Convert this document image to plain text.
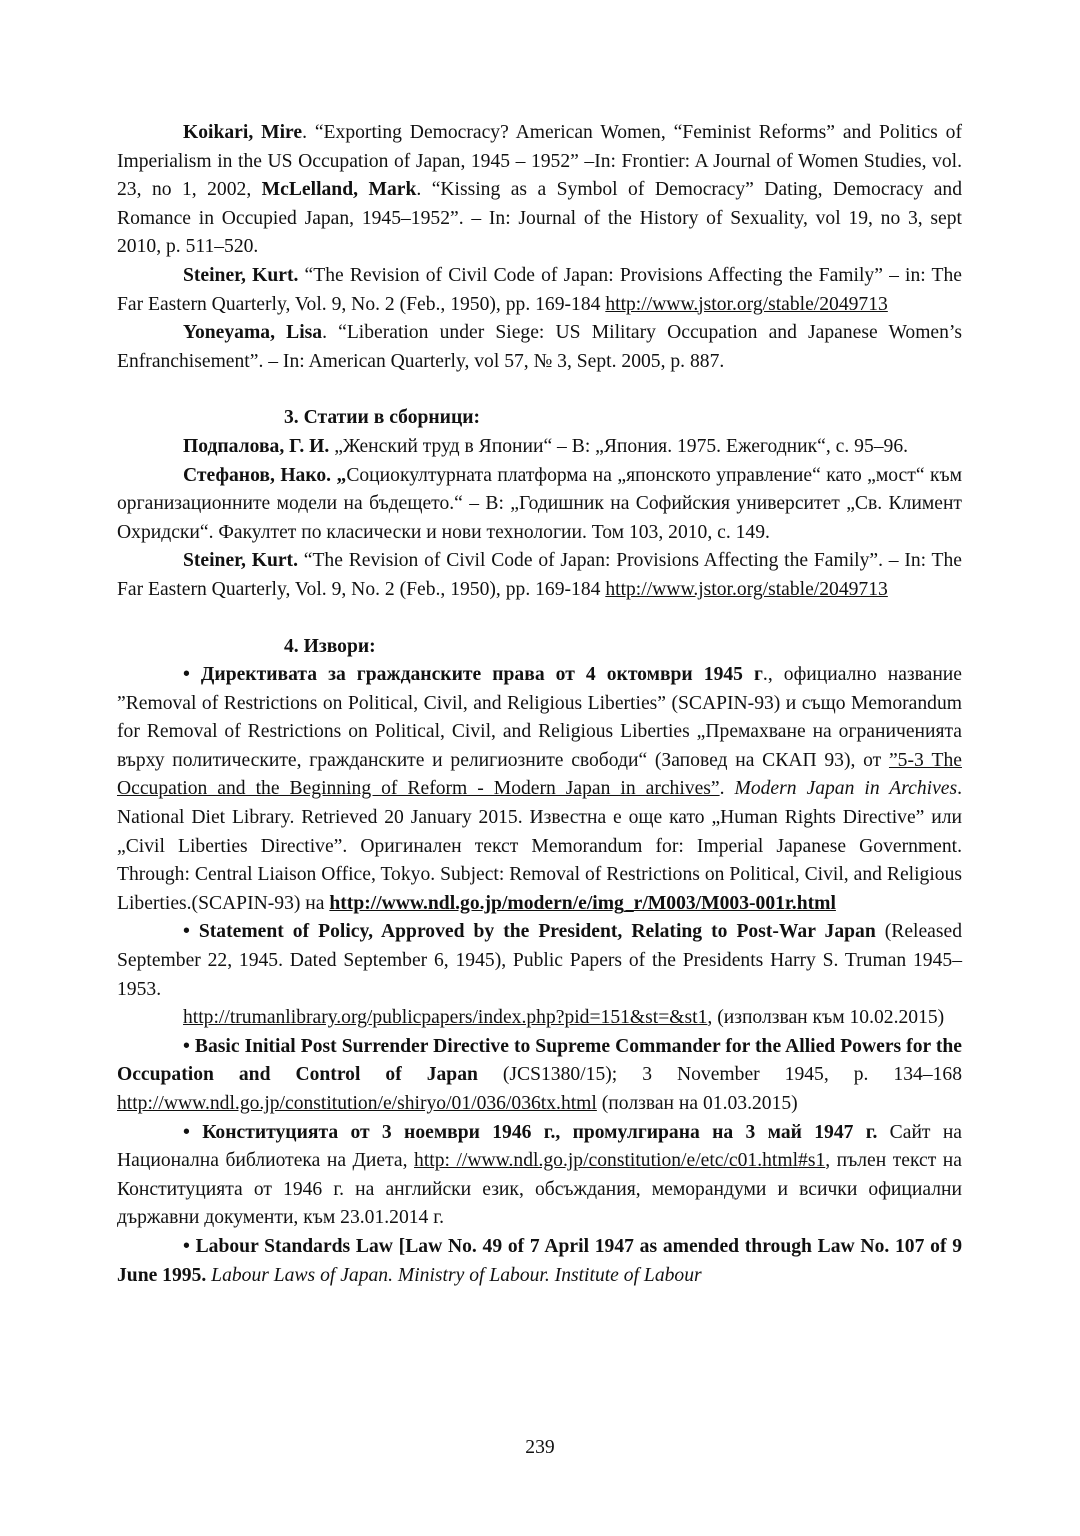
Koikari, Mire. “Exporting Democracy? American Women, “Feminist Reforms” and Politics of Imperialism in the US Occupation of Japan, 1945 – 1952” –In: Frontier: A Journal of Women Studies, vol. 23, no 1, 2002, McLelland, Mark. “Kissing as a Symbol of Democracy” Dating, Democracy and Romance in Occupied Japan, 1945–1952”. – In: Journal of the History of Sexuality, vol 19, no 3, sept 2010, p. 511–520.

Steiner, Kurt. “The Revision of Civil Code of Japan: Provisions Affecting the Family” – in: The Far Eastern Quarterly, Vol. 9, No. 2 (Feb., 1950), pp. 169-184 http://www.jstor.org/stable/2049713

Yoneyama, Lisa. “Liberation under Siege: US Military Occupation and Japanese Women’s Enfranchisement”. – In: American Quarterly, vol 57, № 3, Sept. 2005, p. 887.

3. Статии в сборници:

Подпалова, Г. И. „Женский труд в Японии“ – В: „Япония. 1975. Ежегодник“, с. 95–96.

Стефанов, Нако. „Социокултурната платформа на „японското управление“ като „мост“ към организационните модели на бъдещето.“ – В: „Годишник на Софийския университет „Св. Климент Охридски“. Факултет по класически и нови технологии. Том 103, 2010, с. 149.

Steiner, Kurt. “The Revision of Civil Code of Japan: Provisions Affecting the Family”. – In: The Far Eastern Quarterly, Vol. 9, No. 2 (Feb., 1950), pp. 169-184 http://www.jstor.org/stable/2049713

4. Извори:

• Директивата за гражданските права от 4 октомври 1945 г., официално название ”Removal of Restrictions on Political, Civil, and Religious Liberties” (SCAPIN-93) и също Memorandum for Removal of Restrictions on Political, Civil, and Religious Liberties „Премахване на ограниченията върху политическите, гражданските и религиозните свободи“ (Заповед на СКАП 93), от ”5-3 The Occupation and the Beginning of Reform - Modern Japan in archives”. Modern Japan in Archives. National Diet Library. Retrieved 20 January 2015. Известна е още като „Human Rights Directive” или „Civil Liberties Directive”. Оригинален текст Memorandum for: Imperial Japanese Government. Through: Central Liaison Office, Tokyo. Subject: Removal of Restrictions on Political, Civil, and Religious Liberties.(SCAPIN-93) на http://www.ndl.go.jp/modern/e/img_r/M003/M003-001r.html

• Statement of Policy, Approved by the President, Relating to Post-War Japan (Released September 22, 1945. Dated September 6, 1945), Public Papers of the Presidents Harry S. Truman 1945–1953.

http://trumanlibrary.org/publicpapers/index.php?pid=151&st=&st1, (използван към 10.02.2015)

• Basic Initial Post Surrender Directive to Supreme Commander for the Allied Powers for the Occupation and Control of Japan (JCS1380/15); 3 November 1945, p. 134–168 http://www.ndl.go.jp/constitution/e/shiryo/01/036/036tx.html (ползван на 01.03.2015)

• Конституцията от 3 ноември 1946 г., промулгирана на 3 май 1947 г. Сайт на Национална библиотека на Диета, http: //www.ndl.go.jp/constitution/e/etc/c01.html#s1, пълен текст на Конституцията от 1946 г. на английски език, обсъждания, меморандуми и всички официални държавни документи, към 23.01.2014 г.

• Labour Standards Law [Law No. 49 of 7 April 1947 as amended through Law No. 107 of 9 June 1995. Labour Laws of Japan. Ministry of Labour. Institute of Labour

239
